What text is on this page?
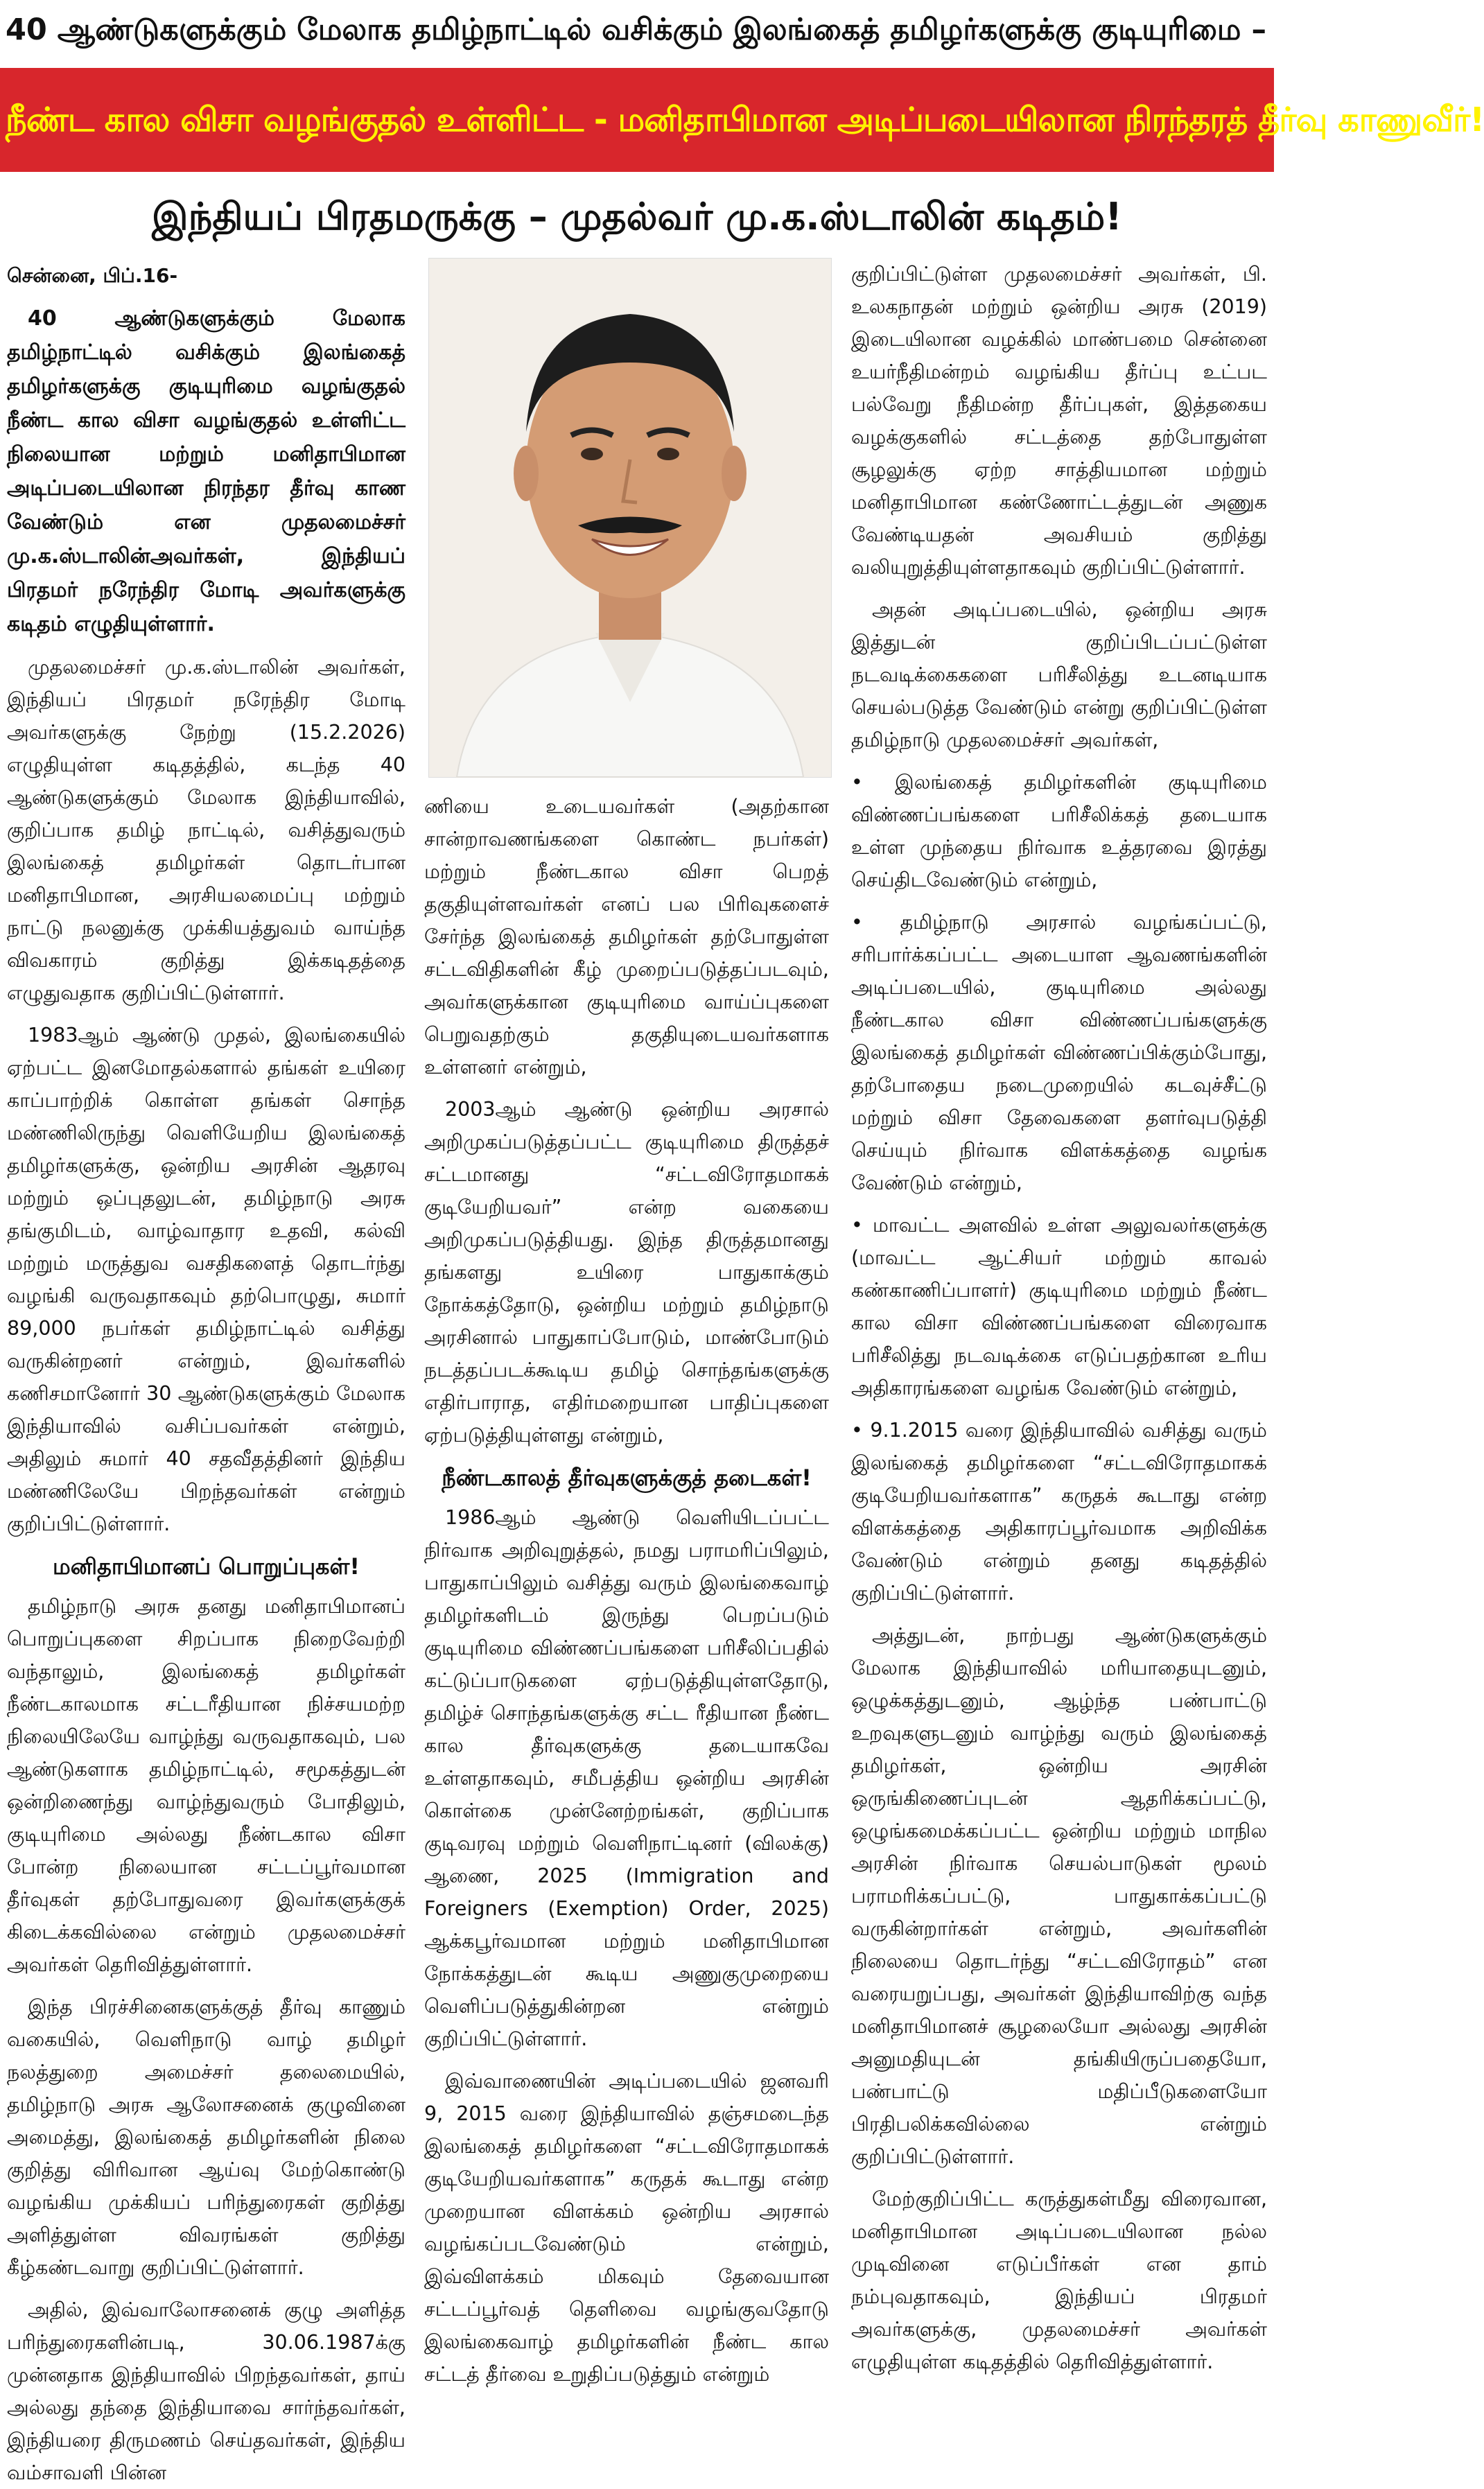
40 ஆண்டுகளுக்கும் மேலாக தமிழ்நாட்டில் வசிக்கும் இலங்கைத் தமிழர்களுக்கு குடியுரிமை –
நீண்ட கால விசா வழங்குதல் உள்ளிட்ட - மனிதாபிமான அடிப்படையிலான நிரந்தரத் தீர்வு காணுவீர்!
இந்தியப் பிரதமருக்கு – முதல்வர் மு.க.ஸ்டாலின் கடிதம்!

சென்னை, பிப்.16-

40 ஆண்டுகளுக்கும் மேலாக தமிழ்நாட்டில் வசிக்கும் இலங்கைத் தமிழர்களுக்கு குடியுரிமை வழங்குதல் நீண்ட கால விசா வழங்குதல் உள்ளிட்ட நிலையான மற்றும் மனிதாபிமான அடிப்படையிலான நிரந்தர தீர்வு காண வேண்டும் என முதலமைச்சர் மு.க.ஸ்டாலின்அவர்கள், இந்தியப் பிரதமர் நரேந்திர மோடி அவர்களுக்கு கடிதம் எழுதியுள்ளார்.

முதலமைச்சர் மு.க.ஸ்டாலின் அவர்கள், இந்தியப் பிரதமர் நரேந்திர மோடி அவர்களுக்கு நேற்று (15.2.2026) எழுதியுள்ள கடிதத்தில், கடந்த 40 ஆண்டுகளுக்கும் மேலாக இந்தியாவில், குறிப்பாக தமிழ் நாட்டில், வசித்துவரும் இலங்கைத் தமிழர்கள் தொடர்பான மனிதாபிமான, அரசியலமைப்பு மற்றும் நாட்டு நலனுக்கு முக்கியத்துவம் வாய்ந்த விவகாரம் குறித்து இக்கடிதத்தை எழுதுவதாக குறிப்பிட்டுள்ளார்.

1983ஆம் ஆண்டு முதல், இலங்கையில் ஏற்பட்ட இனமோதல்களால் தங்கள் உயிரை காப்பாற்றிக் கொள்ள தங்கள் சொந்த மண்ணிலிருந்து வெளியேறிய இலங்கைத் தமிழர்களுக்கு, ஒன்றிய அரசின் ஆதரவு மற்றும் ஒப்புதலுடன், தமிழ்நாடு அரசு தங்குமிடம், வாழ்வாதார உதவி, கல்வி மற்றும் மருத்துவ வசதிகளைத் தொடர்ந்து வழங்கி வருவதாகவும் தற்பொழுது, சுமார் 89,000 நபர்கள் தமிழ்நாட்டில் வசித்து வருகின்றனர் என்றும், இவர்களில் கணிசமானோர் 30 ஆண்டுகளுக்கும் மேலாக இந்தியாவில் வசிப்பவர்கள் என்றும், அதிலும் சுமார் 40 சதவீதத்தினர் இந்திய மண்ணிலேயே பிறந்தவர்கள் என்றும் குறிப்பிட்டுள்ளார்.

மனிதாபிமானப் பொறுப்புகள்!

தமிழ்நாடு அரசு தனது மனிதாபிமானப் பொறுப்புகளை சிறப்பாக நிறைவேற்றி வந்தாலும், இலங்கைத் தமிழர்கள் நீண்டகாலமாக சட்டரீதியான நிச்சயமற்ற நிலையிலேயே வாழ்ந்து வருவதாகவும், பல ஆண்டுகளாக தமிழ்நாட்டில், சமூகத்துடன் ஒன்றிணைந்து வாழ்ந்துவரும் போதிலும், குடியுரிமை அல்லது நீண்டகால விசா போன்ற நிலையான சட்டப்பூர்வமான தீர்வுகள் தற்போதுவரை இவர்களுக்குக் கிடைக்கவில்லை என்றும் முதலமைச்சர் அவர்கள் தெரிவித்துள்ளார்.

இந்த பிரச்சினைகளுக்குத் தீர்வு காணும் வகையில், வெளிநாடு வாழ் தமிழர் நலத்துறை அமைச்சர் தலைமையில், தமிழ்நாடு அரசு ஆலோசனைக் குழுவினை அமைத்து, இலங்கைத் தமிழர்களின் நிலை குறித்து விரிவான ஆய்வு மேற்கொண்டு வழங்கிய முக்கியப் பரிந்துரைகள் குறித்து அளித்துள்ள விவரங்கள் குறித்து கீழ்கண்டவாறு குறிப்பிட்டுள்ளார்.

அதில், இவ்வாலோசனைக் குழு அளித்த பரிந்துரைகளின்படி, 30.06.1987க்கு முன்னதாக இந்தியாவில் பிறந்தவர்கள், தாய் அல்லது தந்தை இந்தியாவை சார்ந்தவர்கள், இந்தியரை திருமணம் செய்தவர்கள், இந்திய வம்சாவளி பின்ன

ணியை உடையவர்கள் (அதற்கான சான்றாவணங்களை கொண்ட நபர்கள்) மற்றும் நீண்டகால விசா பெறத் தகுதியுள்ளவர்கள் எனப் பல பிரிவுகளைச் சேர்ந்த இலங்கைத் தமிழர்கள் தற்போதுள்ள சட்டவிதிகளின் கீழ் முறைப்படுத்தப்படவும், அவர்களுக்கான குடியுரிமை வாய்ப்புகளை பெறுவதற்கும் தகுதியுடையவர்களாக உள்ளனர் என்றும்,

2003ஆம் ஆண்டு ஒன்றிய அரசால் அறிமுகப்படுத்தப்பட்ட குடியுரிமை திருத்தச் சட்டமானது “சட்டவிரோதமாகக் குடியேறியவர்” என்ற வகையை அறிமுகப்படுத்தியது. இந்த திருத்தமானது தங்களது உயிரை பாதுகாக்கும் நோக்கத்தோடு, ஒன்றிய மற்றும் தமிழ்நாடு அரசினால் பாதுகாப்போடும், மாண்போடும் நடத்தப்படக்கூடிய தமிழ் சொந்தங்களுக்கு எதிர்பாராத, எதிர்மறையான பாதிப்புகளை ஏற்படுத்தியுள்ளது என்றும்,

நீண்டகாலத் தீர்வுகளுக்குத் தடைகள்!

1986ஆம் ஆண்டு வெளியிடப்பட்ட நிர்வாக அறிவுறுத்தல், நமது பராமரிப்பிலும், பாதுகாப்பிலும் வசித்து வரும் இலங்கைவாழ் தமிழர்களிடம் இருந்து பெறப்படும் குடியுரிமை விண்ணப்பங்களை பரிசீலிப்பதில் கட்டுப்பாடுகளை ஏற்படுத்தியுள்ளதோடு, தமிழ்ச் சொந்தங்களுக்கு சட்ட ரீதியான நீண்ட கால தீர்வுகளுக்கு தடையாகவே உள்ளதாகவும், சமீபத்திய ஒன்றிய அரசின் கொள்கை முன்னேற்றங்கள், குறிப்பாக குடிவரவு மற்றும் வெளிநாட்டினர் (விலக்கு) ஆணை, 2025 (Immigration and Foreigners (Exemption) Order, 2025) ஆக்கபூர்வமான மற்றும் மனிதாபிமான நோக்கத்துடன் கூடிய அணுகுமுறையை வெளிப்படுத்துகின்றன என்றும் குறிப்பிட்டுள்ளார்.

இவ்வாணையின் அடிப்படையில் ஜனவரி 9, 2015 வரை இந்தியாவில் தஞ்சமடைந்த இலங்கைத் தமிழர்களை “சட்டவிரோதமாகக் குடியேறியவர்களாக” கருதக் கூடாது என்ற முறையான விளக்கம் ஒன்றிய அரசால் வழங்கப்படவேண்டும் என்றும், இவ்விளக்கம் மிகவும் தேவையான சட்டப்பூர்வத் தெளிவை வழங்குவதோடு இலங்கைவாழ் தமிழர்களின் நீண்ட கால சட்டத் தீர்வை உறுதிப்படுத்தும் என்றும்

குறிப்பிட்டுள்ள முதலமைச்சர் அவர்கள், பி. உலகநாதன் மற்றும் ஒன்றிய அரசு (2019) இடையிலான வழக்கில் மாண்பமை சென்னை உயர்நீதிமன்றம் வழங்கிய தீர்ப்பு உட்பட பல்வேறு நீதிமன்ற தீர்ப்புகள், இத்தகைய வழக்குகளில் சட்டத்தை தற்போதுள்ள சூழலுக்கு ஏற்ற சாத்தியமான மற்றும் மனிதாபிமான கண்ணோட்டத்துடன் அணுக வேண்டியதன் அவசியம் குறித்து வலியுறுத்தியுள்ளதாகவும் குறிப்பிட்டுள்ளார்.

அதன் அடிப்படையில், ஒன்றிய அரசு இத்துடன் குறிப்பிடப்பட்டுள்ள நடவடிக்கைகளை பரிசீலித்து உடனடியாக செயல்படுத்த வேண்டும் என்று குறிப்பிட்டுள்ள தமிழ்நாடு முதலமைச்சர் அவர்கள்,

• இலங்கைத் தமிழர்களின் குடியுரிமை விண்ணப்பங்களை பரிசீலிக்கத் தடையாக உள்ள முந்தைய நிர்வாக உத்தரவை இரத்து செய்திடவேண்டும் என்றும்,

• தமிழ்நாடு அரசால் வழங்கப்பட்டு, சரிபார்க்கப்பட்ட அடையாள ஆவணங்களின் அடிப்படையில், குடியுரிமை அல்லது நீண்டகால விசா விண்ணப்பங்களுக்கு இலங்கைத் தமிழர்கள் விண்ணப்பிக்கும்போது, தற்போதைய நடைமுறையில் கடவுச்சீட்டு மற்றும் விசா தேவைகளை தளர்வுபடுத்தி செய்யும் நிர்வாக விளக்கத்தை வழங்க வேண்டும் என்றும்,

• மாவட்ட அளவில் உள்ள அலுவலர்களுக்கு (மாவட்ட ஆட்சியர் மற்றும் காவல் கண்காணிப்பாளர்) குடியுரிமை மற்றும் நீண்ட கால விசா விண்ணப்பங்களை விரைவாக பரிசீலித்து நடவடிக்கை எடுப்பதற்கான உரிய அதிகாரங்களை வழங்க வேண்டும் என்றும்,

• 9.1.2015 வரை இந்தியாவில் வசித்து வரும் இலங்கைத் தமிழர்களை “சட்டவிரோதமாகக் குடியேறியவர்களாக” கருதக் கூடாது என்ற விளக்கத்தை அதிகாரப்பூர்வமாக அறிவிக்க வேண்டும் என்றும் தனது கடிதத்தில் குறிப்பிட்டுள்ளார்.

அத்துடன், நாற்பது ஆண்டுகளுக்கும் மேலாக இந்தியாவில் மரியாதையுடனும், ஒழுக்கத்துடனும், ஆழ்ந்த பண்பாட்டு உறவுகளுடனும் வாழ்ந்து வரும் இலங்கைத் தமிழர்கள், ஒன்றிய அரசின் ஒருங்கிணைப்புடன் ஆதரிக்கப்பட்டு, ஒழுங்கமைக்கப்பட்ட ஒன்றிய மற்றும் மாநில அரசின் நிர்வாக செயல்பாடுகள் மூலம் பராமரிக்கப்பட்டு, பாதுகாக்கப்பட்டு வருகின்றார்கள் என்றும், அவர்களின் நிலையை தொடர்ந்து “சட்டவிரோதம்” என வரையறுப்பது, அவர்கள் இந்தியாவிற்கு வந்த மனிதாபிமானச் சூழலையோ அல்லது அரசின் அனுமதியுடன் தங்கியிருப்பதையோ, பண்பாட்டு மதிப்பீடுகளையோ பிரதிபலிக்கவில்லை என்றும் குறிப்பிட்டுள்ளார்.

மேற்குறிப்பிட்ட கருத்துகள்மீது விரைவான, மனிதாபிமான அடிப்படையிலான நல்ல முடிவினை எடுப்பீர்கள் என தாம் நம்புவதாகவும், இந்தியப் பிரதமர் அவர்களுக்கு, முதலமைச்சர் அவர்கள் எழுதியுள்ள கடிதத்தில் தெரிவித்துள்ளார்.
